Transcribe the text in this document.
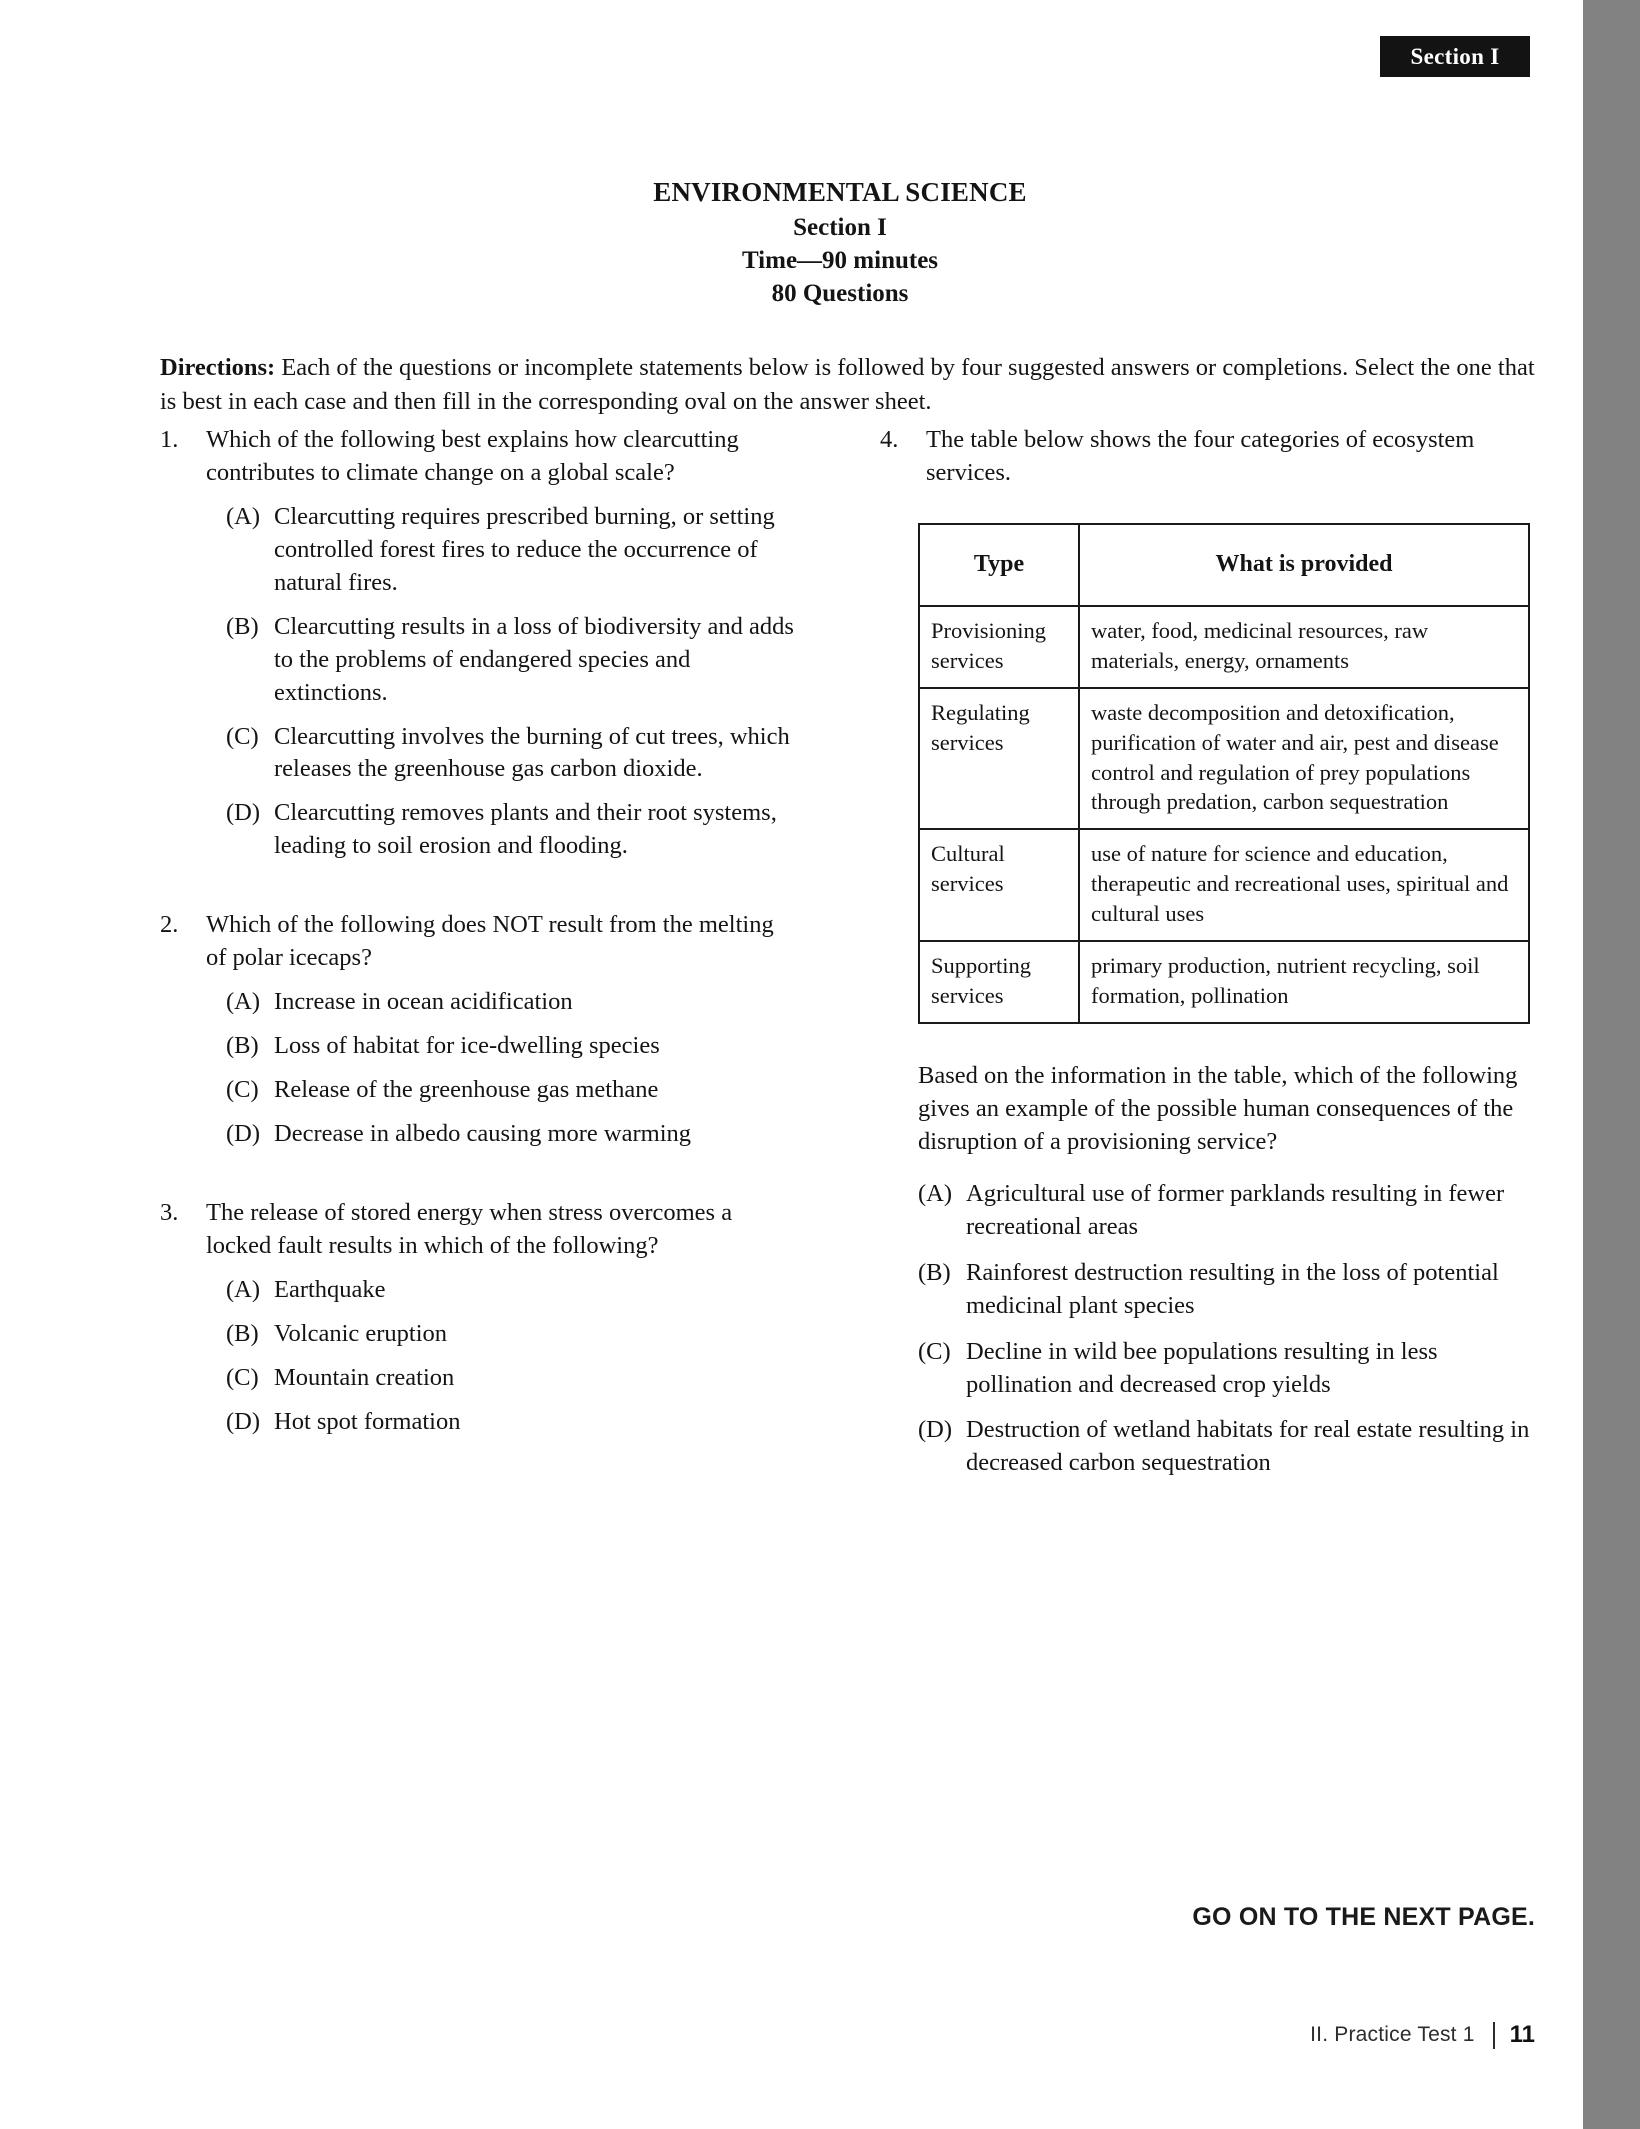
Section I
ENVIRONMENTAL SCIENCE
Section I
Time—90 minutes
80 Questions

Directions: Each of the questions or incomplete statements below is followed by four suggested answers or completions. Select the one that is best in each case and then fill in the corresponding oval on the answer sheet.

1.	Which of the following best explains how clearcutting contributes to climate change on a global scale?
(A) Clearcutting requires prescribed burning, or setting controlled forest fires to reduce the occurrence of natural fires.
(B) Clearcutting results in a loss of biodiversity and adds to the problems of endangered species and extinctions.
(C) Clearcutting involves the burning of cut trees, which releases the greenhouse gas carbon dioxide.
(D) Clearcutting removes plants and their root systems, leading to soil erosion and flooding.
2.	Which of the following does NOT result from the melting of polar icecaps?
(A) Increase in ocean acidification
(B) Loss of habitat for ice-dwelling species
(C) Release of the greenhouse gas methane
(D) Decrease in albedo causing more warming
3.	The release of stored energy when stress overcomes a locked fault results in which of the following?
(A) Earthquake
(B) Volcanic eruption
(C) Mountain creation
(D) Hot spot formation
4.	The table below shows the four categories of ecosystem services.
Type	What is provided
Provisioning services	water, food, medicinal resources, raw materials, energy, ornaments
Regulating services	waste decomposition and detoxification, purification of water and air, pest and disease control and regulation of prey populations through predation, carbon sequestration
Cultural services	use of nature for science and education, therapeutic and recreational uses, spiritual and cultural uses
Supporting services	primary production, nutrient recycling, soil formation, pollination
Based on the information in the table, which of the following gives an example of the possible human consequences of the disruption of a provisioning service?
(A) Agricultural use of former parklands resulting in fewer recreational areas
(B) Rainforest destruction resulting in the loss of potential medicinal plant species
(C) Decline in wild bee populations resulting in less pollination and decreased crop yields
(D) Destruction of wetland habitats for real estate resulting in decreased carbon sequestration
GO ON TO THE NEXT PAGE.
II. Practice Test 1 11
